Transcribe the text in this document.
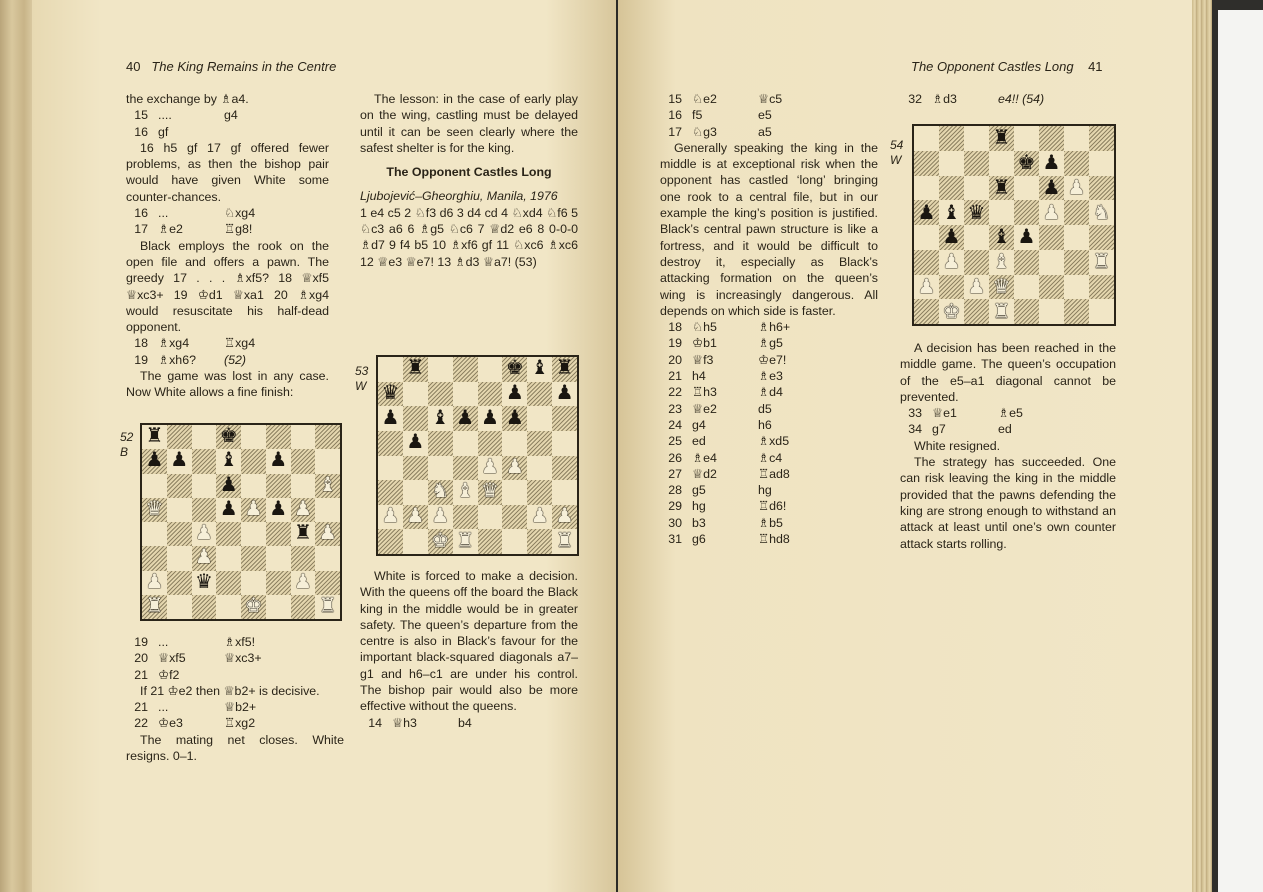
40 The King Remains in the Centre

the exchange by ♗a4.

15 ....	g4
16 gf

16 h5 gf 17 gf offered fewer problems, as then the bishop pair would have given White some counter-chances.

16 ...	♘xg4
17 ♗e2	♖g8!

Black employs the rook on the open file and offers a pawn. The greedy 17 . . . ♗xf5? 18 ♕xf5 ♕xc3+ 19 ♔d1 ♕xa1 20 ♗xg4 would resuscitate his half-dead opponent.

18 ♗xg4	♖xg4
19 ♗xh6?	(52)

The game was lost in any case. Now White allows a fine finish:

52
B
♜	♚
♟ ♟ ♝ ♟
♟	♝
♛	♟ ♟ ♟ ♟
♟	♜ ♟
♟
♟ ♛	♟
♜	♚	♜
19 ...	♗xf5!
20 ♕xf5	♕xc3+
21 ♔f2

If 21 ♔e2 then ♕b2+ is decisive.

21 ...	♕b2+
22 ♔e3	♖xg2

The mating net closes. White resigns. 0–1.

The lesson: in the case of early play on the wing, castling must be delayed until it can be seen clearly where the safest shelter is for the king.

The Opponent Castles Long

Ljubojević–Gheorghiu, Manila, 1976

1 e4 c5 2 ♘f3 d6 3 d4 cd 4 ♘xd4 ♘f6 5 ♘c3 a6 6 ♗g5 ♘c6 7 ♕d2 e6 8 0-0-0 ♗d7 9 f4 b5 10 ♗xf6 gf 11 ♘xc6 ♗xc6 12 ♕e3 ♕e7! 13 ♗d3 ♕a7! (53)

53
W
♜	♚ ♝ ♜
♛	♟ ♟
♟ ♝ ♟ ♟ ♟
♟
♟ ♟
♞ ♝ ♛
♟ ♟ ♟	♟ ♟
♚ ♜	♜

White is forced to make a decision. With the queens off the board the Black king in the middle would be in greater safety. The queen’s departure from the centre is also in Black’s favour for the important black-squared diagonals a7–g1 and h6–c1 are under his control. The bishop pair would also be more effective without the queens.

14 ♕h3	b4
The Opponent Castles Long 41
15 ♘e2	♕c5
16 f5	e5
17 ♘g3	a5

Generally speaking the king in the middle is at exceptional risk when the opponent has castled ‘long’ bringing one rook to a central file, but in our example the king’s position is justified. Black’s central pawn structure is like a fortress, and it would be difficult to destroy it, especially as Black’s attacking formation on the queen’s wing is increasingly dangerous. All depends on which side is faster.

18 ♘h5	♗h6+
19 ♔b1	♗g5
20 ♕f3	♔e7!
21 h4	♗e3
22 ♖h3	♗d4
23 ♕e2	d5
24 g4	h6
25 ed	♗xd5
26 ♗e4	♗c4
27 ♕d2	♖ad8
28 g5	hg
29 hg	♖d6!
30 b3	♗b5
31 g6	♖hd8
32 ♗d3	e4!! (54)
54
W
♜
♚ ♟
♜ ♟ ♟
♟ ♝ ♛	♟ ♞
♟ ♝ ♟
♟ ♝	♜
♟ ♟ ♛
♚ ♜

A decision has been reached in the middle game. The queen’s occupation of the e5–a1 diagonal cannot be prevented.

33 ♕e1	♗e5
34 g7	ed

White resigned.

The strategy has succeeded. One can risk leaving the king in the middle provided that the pawns defending the king are strong enough to withstand an attack at least until one’s own counter attack starts rolling.
